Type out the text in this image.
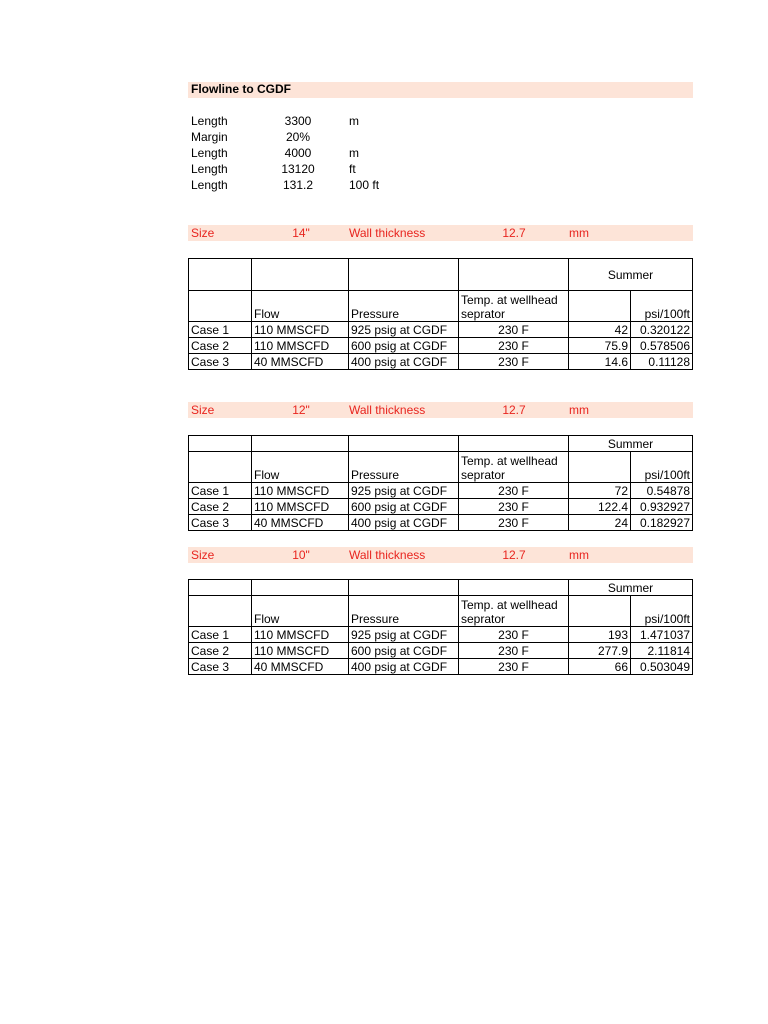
Flowline to CGDF
Length	3300	m
Margin	20%
Length	4000	m
Length	13120	ft
Length	131.2	100 ft
Size	14"	Wall thickness	12.7	mm
				Summer	
	Flow	Pressure	Temp. at wellhead seprator		psi/100ft
Case 1	110 MMSCFD	925 psig at CGDF	230 F	42	0.320122
Case 2	110 MMSCFD	600 psig at CGDF	230 F	75.9	0.578506
Case 3	40 MMSCFD	400 psig at CGDF	230 F	14.6	0.11128
Size	12"	Wall thickness	12.7	mm
				Summer	
	Flow	Pressure	Temp. at wellhead seprator		psi/100ft
Case 1	110 MMSCFD	925 psig at CGDF	230 F	72	0.54878
Case 2	110 MMSCFD	600 psig at CGDF	230 F	122.4	0.932927
Case 3	40 MMSCFD	400 psig at CGDF	230 F	24	0.182927
Size	10"	Wall thickness	12.7	mm
				Summer	
	Flow	Pressure	Temp. at wellhead seprator		psi/100ft
Case 1	110 MMSCFD	925 psig at CGDF	230 F	193	1.471037
Case 2	110 MMSCFD	600 psig at CGDF	230 F	277.9	2.11814
Case 3	40 MMSCFD	400 psig at CGDF	230 F	66	0.503049
